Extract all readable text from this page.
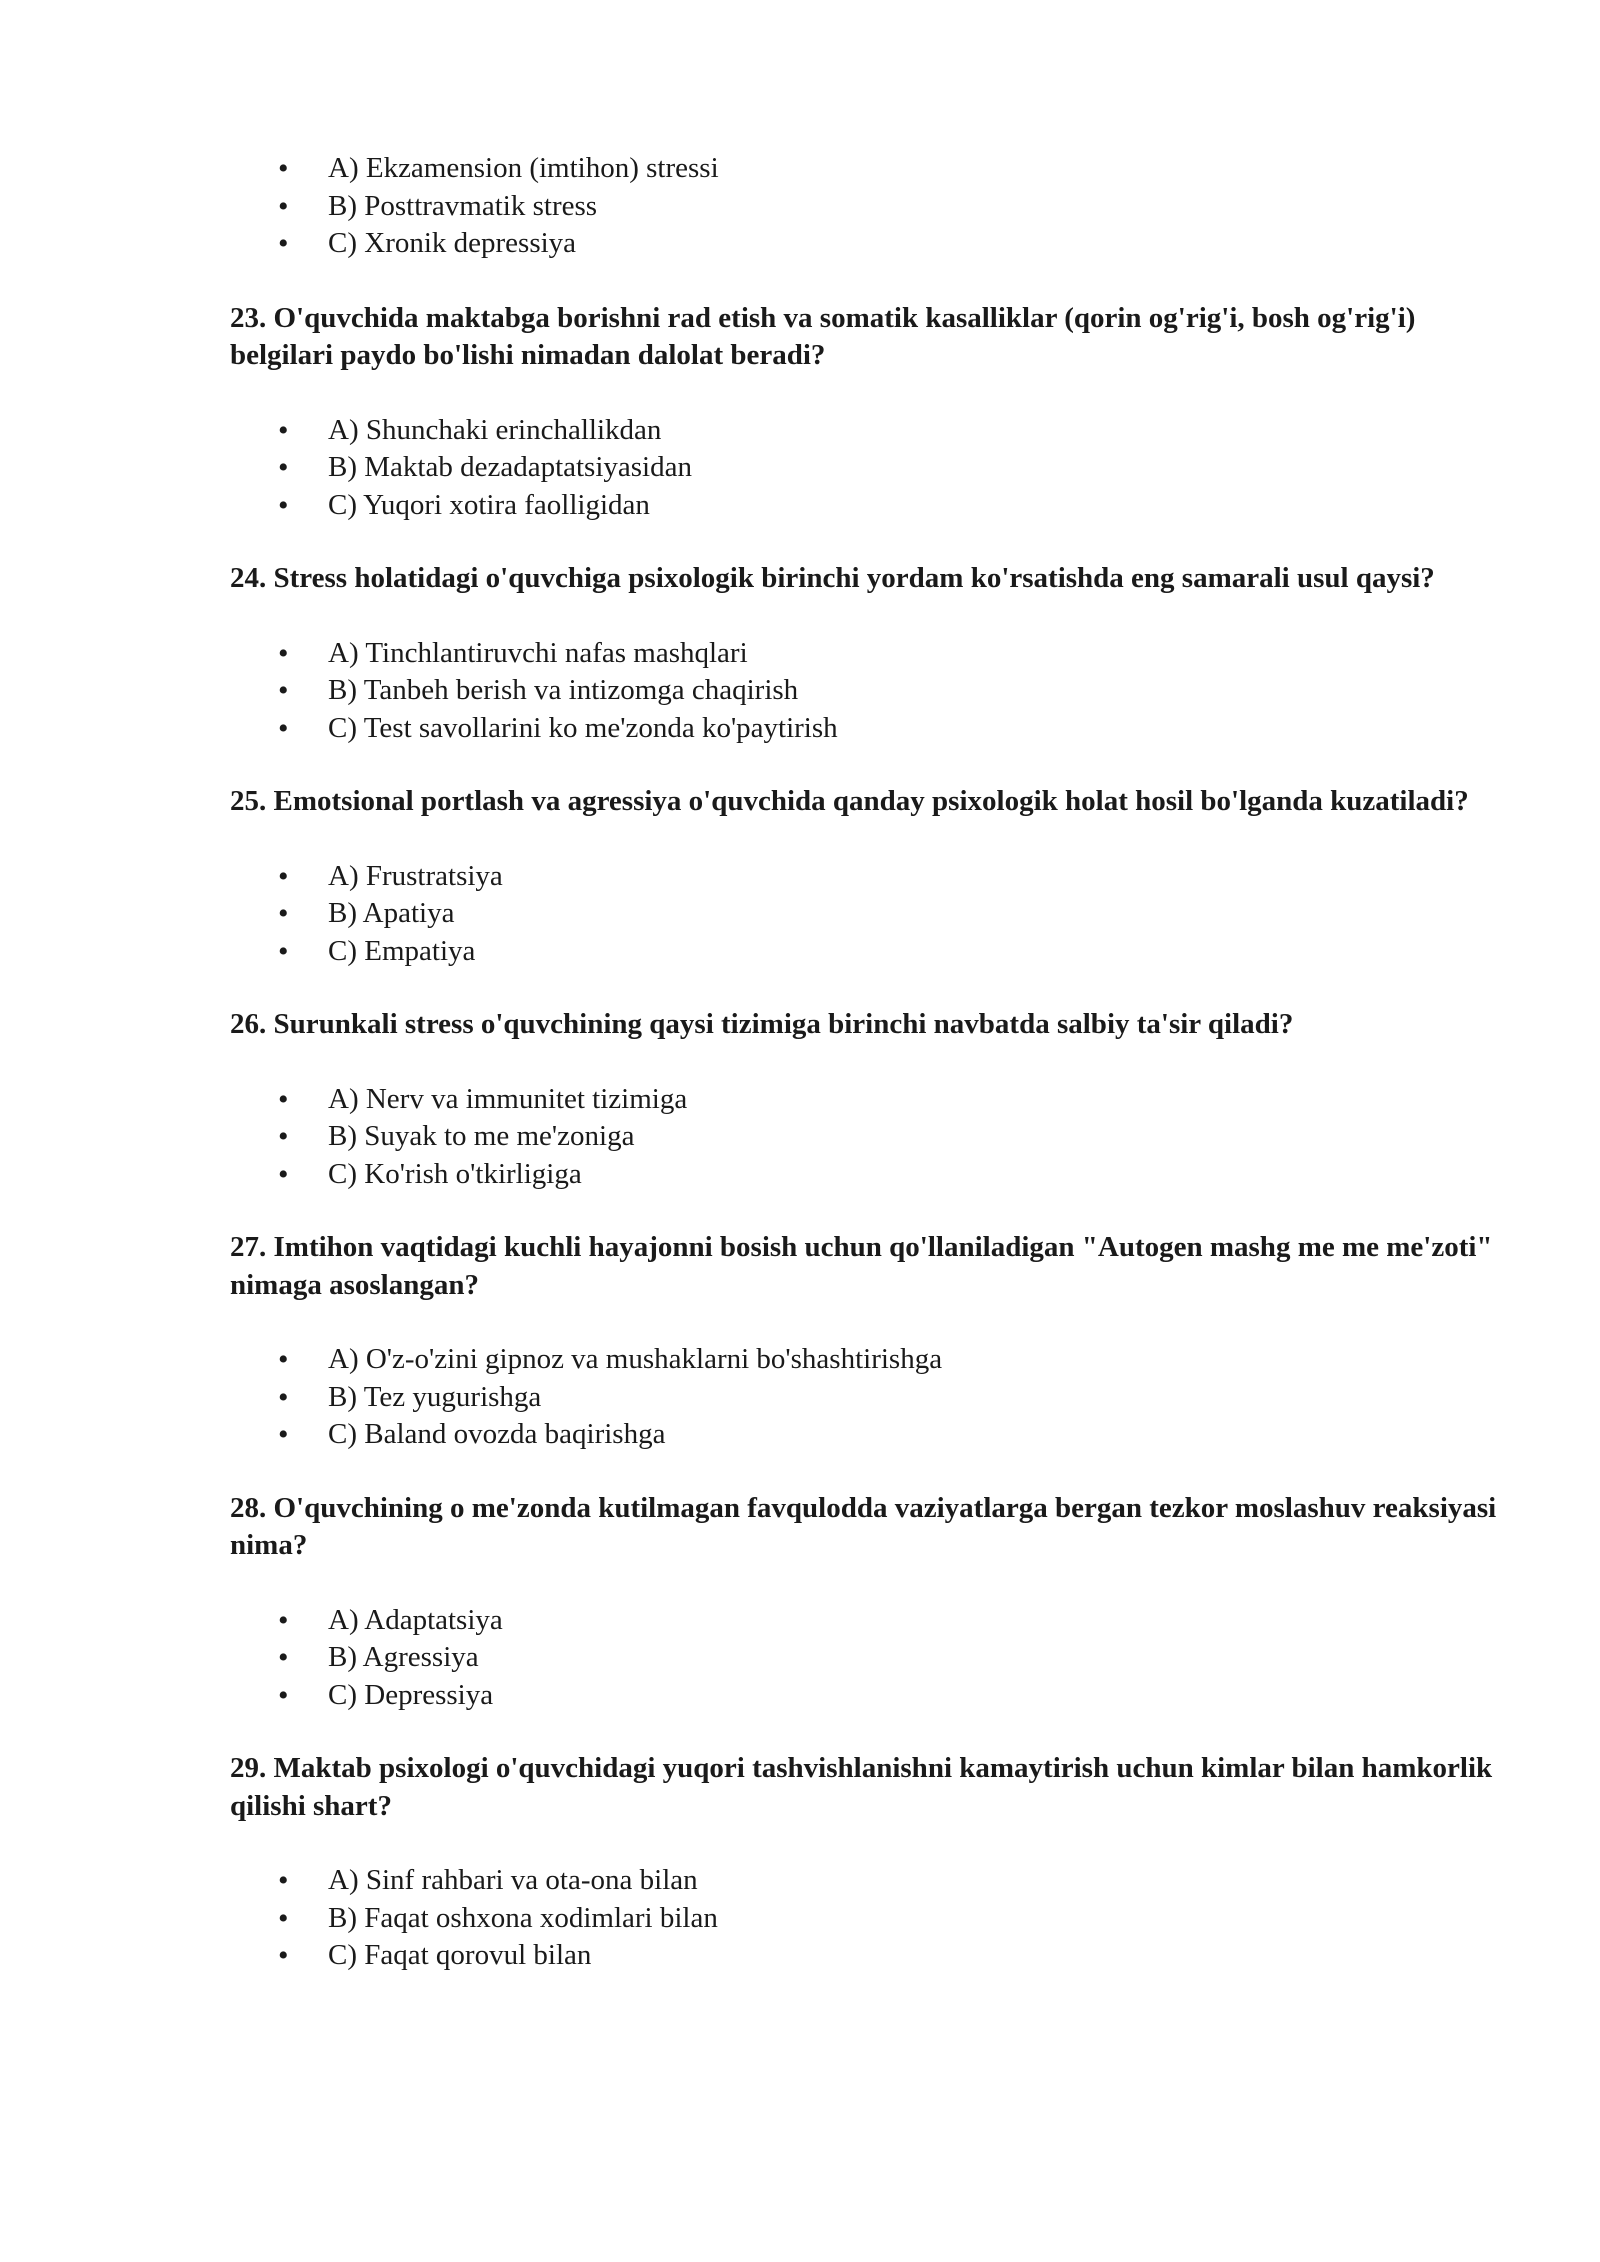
• A) Ekzamension (imtihon) stressi
• B) Posttravmatik stress
• C) Xronik depressiya

23. O'quvchida maktabga borishni rad etish va somatik kasalliklar (qorin og'rig'i, bosh og'rig'i) belgilari paydo bo'lishi nimadan dalolat beradi?

• A) Shunchaki erinchallikdan
• B) Maktab dezadaptatsiyasidan
• C) Yuqori xotira faolligidan

24. Stress holatidagi o'quvchiga psixologik birinchi yordam ko'rsatishda eng samarali usul qaysi?

• A) Tinchlantiruvchi nafas mashqlari
• B) Tanbeh berish va intizomga chaqirish
• C) Test savollarini ko me'zonda ko'paytirish

25. Emotsional portlash va agressiya o'quvchida qanday psixologik holat hosil bo'lganda kuzatiladi?

• A) Frustratsiya
• B) Apatiya
• C) Empatiya

26. Surunkali stress o'quvchining qaysi tizimiga birinchi navbatda salbiy ta'sir qiladi?

• A) Nerv va immunitet tizimiga
• B) Suyak to me me'zoniga
• C) Ko'rish o'tkirligiga

27. Imtihon vaqtidagi kuchli hayajonni bosish uchun qo'llaniladigan "Autogen mashg me me me'zoti" nimaga asoslangan?

• A) O'z-o'zini gipnoz va mushaklarni bo'shashtirishga
• B) Tez yugurishga
• C) Baland ovozda baqirishga

28. O'quvchining o me'zonda kutilmagan favqulodda vaziyatlarga bergan tezkor moslashuv reaksiyasi nima?

• A) Adaptatsiya
• B) Agressiya
• C) Depressiya

29. Maktab psixologi o'quvchidagi yuqori tashvishlanishni kamaytirish uchun kimlar bilan hamkorlik qilishi shart?

• A) Sinf rahbari va ota-ona bilan
• B) Faqat oshxona xodimlari bilan
• C) Faqat qorovul bilan
